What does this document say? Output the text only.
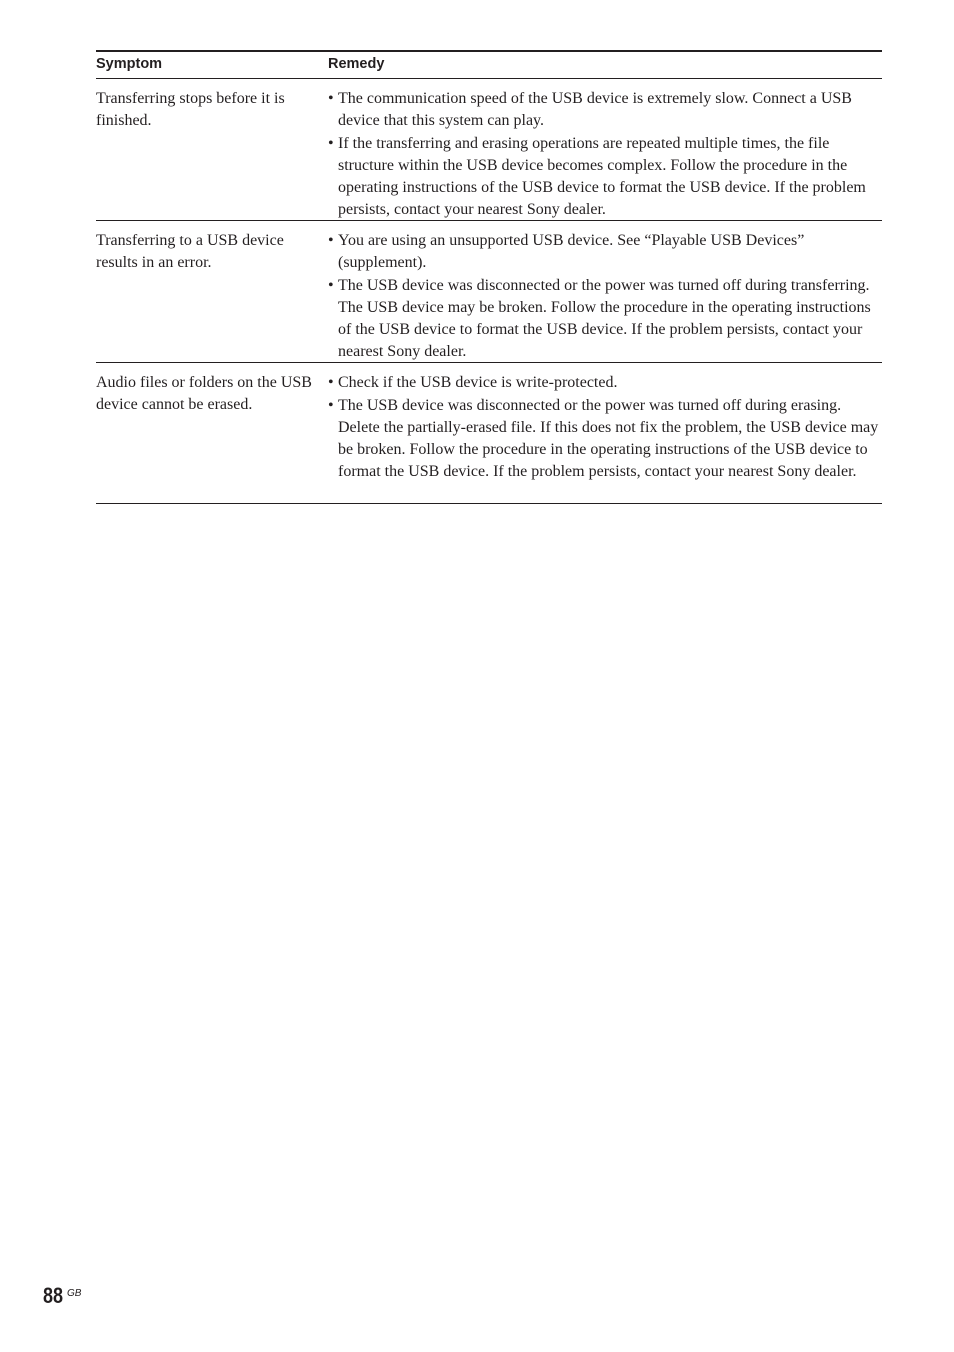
Symptom	Remedy
Transferring stops before it is finished.
• The communication speed of the USB device is extremely slow. Connect a USB device that this system can play.
• If the transferring and erasing operations are repeated multiple times, the file structure within the USB device becomes complex. Follow the procedure in the operating instructions of the USB device to format the USB device. If the problem persists, contact your nearest Sony dealer.
Transferring to a USB device results in an error.
• You are using an unsupported USB device. See “Playable USB Devices” (supplement).
• The USB device was disconnected or the power was turned off during transferring. The USB device may be broken. Follow the procedure in the operating instructions of the USB device to format the USB device. If the problem persists, contact your nearest Sony dealer.
Audio files or folders on the USB device cannot be erased.
• Check if the USB device is write-protected.
• The USB device was disconnected or the power was turned off during erasing. Delete the partially-erased file. If this does not fix the problem, the USB device may be broken. Follow the procedure in the operating instructions of the USB device to format the USB device. If the problem persists, contact your nearest Sony dealer.
88 GB
